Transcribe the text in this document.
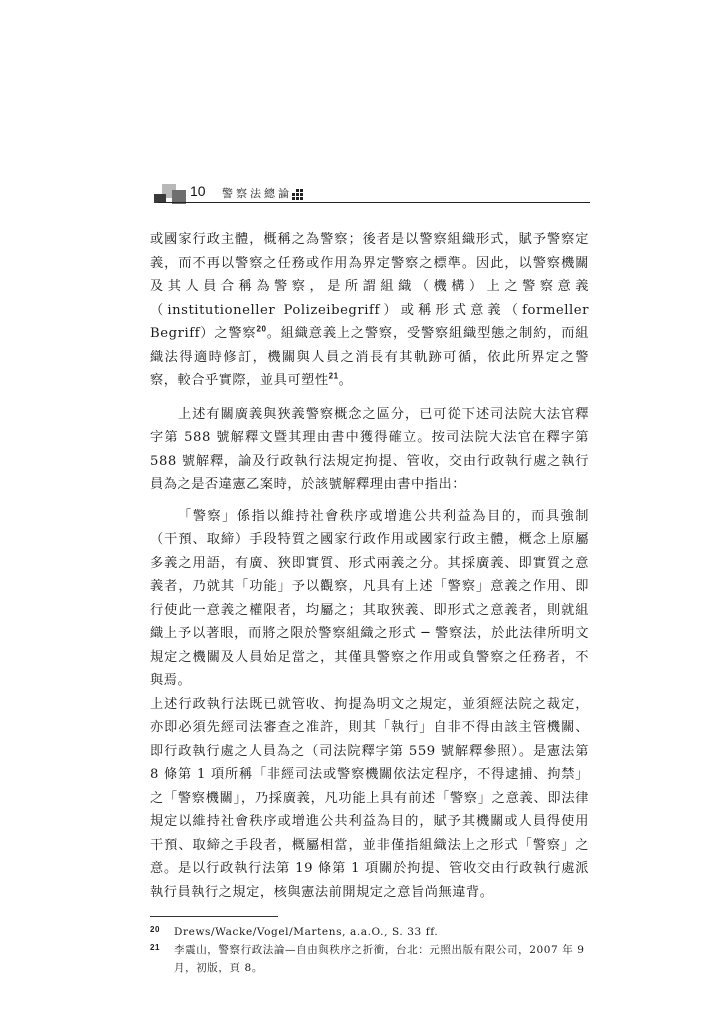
10 警察法總論

或國家行政主體，概稱之為警察；後者是以警察組織形式，賦予警察定義，而不再以警察之任務或作用為界定警察之標準。因此，以警察機關及其人員合稱為警察，是所謂組織（機構）上之警察意義（institutioneller Polizeibegriff）或稱形式意義（formeller Begriff）之警察$^{20}$。組織意義上之警察，受警察組織型態之制約，而組織法得適時修訂，機關與人員之消長有其軌跡可循，依此所界定之警察，較合乎實際，並具可塑性$^{21}$。

上述有關廣義與狹義警察概念之區分，已可從下述司法院大法官釋字第 588 號解釋文暨其理由書中獲得確立。按司法院大法官在釋字第 588 號解釋，論及行政執行法規定拘提、管收，交由行政執行處之執行員為之是否違憲乙案時，於該號解釋理由書中指出：

「警察」係指以維持社會秩序或增進公共利益為目的，而具強制（干預、取締）手段特質之國家行政作用或國家行政主體，概念上原屬多義之用語，有廣、狹即實質、形式兩義之分。其採廣義、即實質之意義者，乃就其「功能」予以觀察，凡具有上述「警察」意義之作用、即行使此一意義之權限者，均屬之；其取狹義、即形式之意義者，則就組織上予以著眼，而將之限於警察組織之形式 ─ 警察法，於此法律所明文規定之機關及人員始足當之，其僅具警察之作用或負警察之任務者，不與焉。

上述行政執行法既已就管收、拘提為明文之規定，並須經法院之裁定，亦即必須先經司法審查之准許，則其「執行」自非不得由該主管機關、即行政執行處之人員為之（司法院釋字第 559 號解釋參照）。是憲法第 8 條第 1 項所稱「非經司法或警察機關依法定程序，不得逮捕、拘禁」之「警察機關」，乃採廣義，凡功能上具有前述「警察」之意義、即法律規定以維持社會秩序或增進公共利益為目的，賦予其機關或人員得使用干預、取締之手段者，概屬相當，並非僅指組織法上之形式「警察」之意。是以行政執行法第 19 條第 1 項關於拘提、管收交由行政執行處派執行員執行之規定，核與憲法前開規定之意旨尚無違背。

20 Drews/Wacke/Vogel/Martens, a.a.O., S. 33 ff.
21 李震山，警察行政法論—自由與秩序之折衝，台北：元照出版有限公司，2007 年 9 月，初版，頁 8。
